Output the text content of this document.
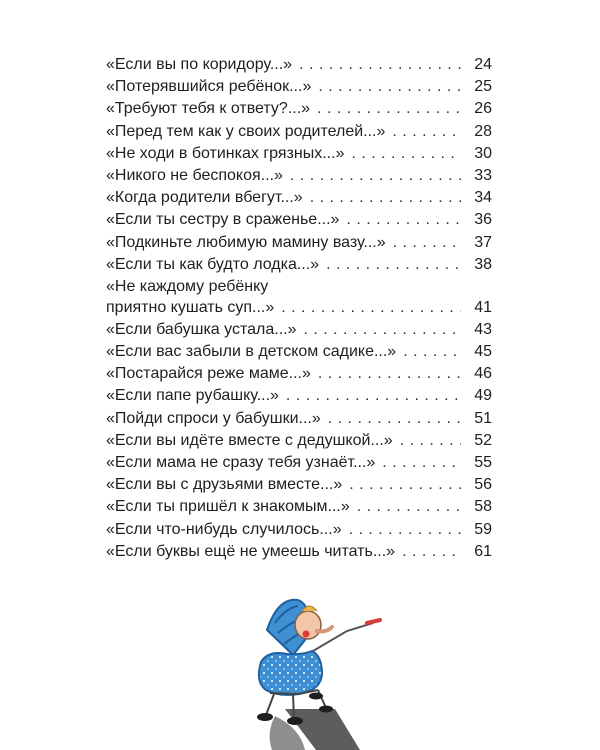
«Если вы по коридору...» . . .	24
«Потерявшийся ребёнок...» . . .	25
«Требуют тебя к ответу?...» . . .	26
«Перед тем как у своих родителей...» . . .	28
«Не ходи в ботинках грязных...» . . .	30
«Никого не беспокоя...» . . .	33
«Когда родители вбегут...» . . .	34
«Если ты сестру в сраженье...» . . .	36
«Подкиньте любимую мамину вазу...» . . .	37
«Если ты как будто лодка...» . . .	38
«Не каждому ребёнку
приятно кушать суп...» . . .	41
«Если бабушка устала...» . . .	43
«Если вас забыли в детском садике...» . . .	45
«Постарайся реже маме...» . . .	46
«Если папе рубашку...» . . .	49
«Пойди спроси у бабушки...» . . .	51
«Если вы идёте вместе с дедушкой...» . . .	52
«Если мама не сразу тебя узнаёт...» . . .	55
«Если вы с друзьями вместе...» . . .	56
«Если ты пришёл к знакомым...» . . .	58
«Если что-нибудь случилось...» . . .	59
«Если буквы ещё не умеешь читать...» . . .	61
